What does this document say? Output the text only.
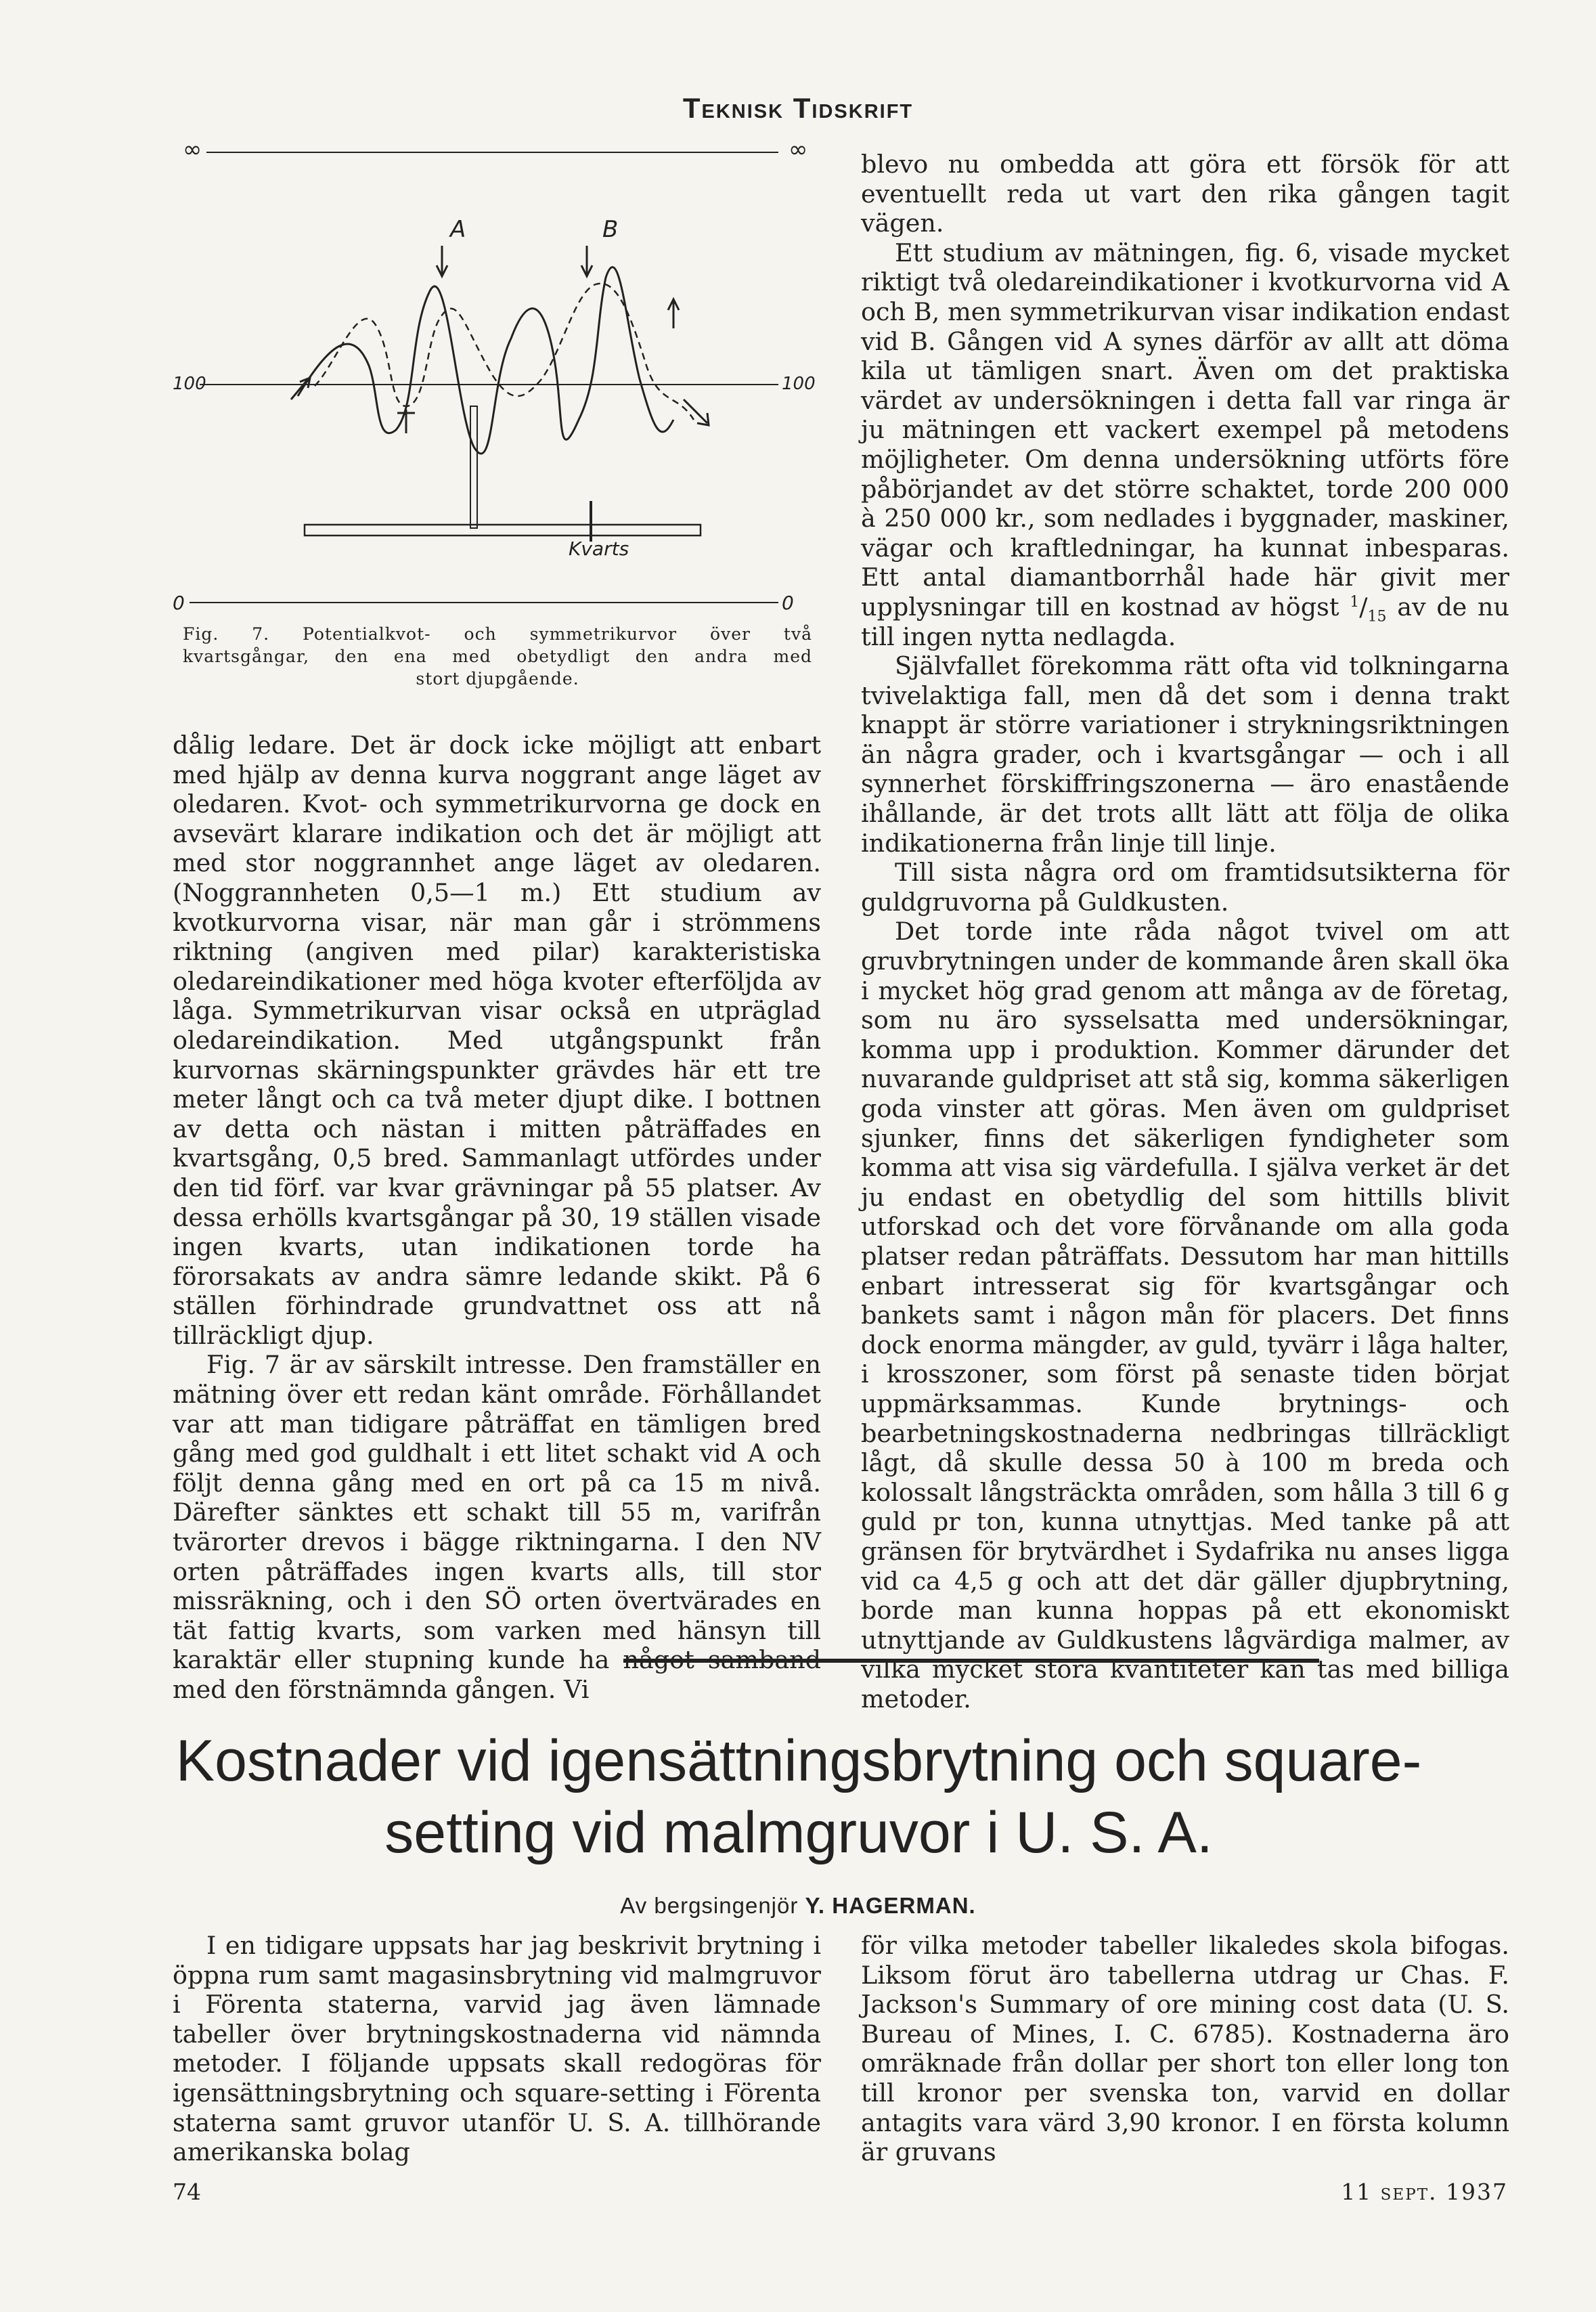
Teknisk Tidskrift
∞	∞
A	B
100	100
Kvarts
0	0
Fig. 7. Potentialkvot- och symmetrikurvor över två
kvartsgångar, den ena med obetydligt den andra med
stort djupgående.

dålig ledare. Det är dock icke möjligt att enbart med hjälp av denna kurva noggrant ange läget av oledaren. Kvot- och symmetrikurvorna ge dock en avsevärt klarare indikation och det är möjligt att med stor noggrannhet ange läget av oledaren. (Noggrannheten 0,5—1 m.) Ett studium av kvotkurvorna visar, när man går i strömmens riktning (angiven med pilar) karakteristiska oledareindikationer med höga kvoter efterföljda av låga. Symmetrikurvan visar också en utpräglad oledareindikation. Med utgångspunkt från kurvornas skärningspunkter grävdes här ett tre meter långt och ca två meter djupt dike. I bottnen av detta och nästan i mitten påträffades en kvartsgång, 0,5 bred. Sammanlagt utfördes under den tid förf. var kvar grävningar på 55 platser. Av dessa erhölls kvartsgångar på 30, 19 ställen visade ingen kvarts, utan indikationen torde ha förorsakats av andra sämre ledande skikt. På 6 ställen förhindrade grundvattnet oss att nå tillräckligt djup.

Fig. 7 är av särskilt intresse. Den framställer en mätning över ett redan känt område. Förhållandet var att man tidigare påträffat en tämligen bred gång med god guldhalt i ett litet schakt vid A och följt denna gång med en ort på ca 15 m nivå. Därefter sänktes ett schakt till 55 m, varifrån tvärorter drevos i bägge riktningarna. I den NV orten påträffades ingen kvarts alls, till stor missräkning, och i den SÖ orten övertvärades en tät fattig kvarts, som varken med hänsyn till karaktär eller stupning kunde ha något samband med den förstnämnda gången. Vi

blevo nu ombedda att göra ett försök för att eventuellt reda ut vart den rika gången tagit vägen.

Ett studium av mätningen, fig. 6, visade mycket riktigt två oledareindikationer i kvotkurvorna vid A och B, men symmetrikurvan visar indikation endast vid B. Gången vid A synes därför av allt att döma kila ut tämligen snart. Även om det praktiska värdet av undersökningen i detta fall var ringa är ju mätningen ett vackert exempel på metodens möjligheter. Om denna undersökning utförts före påbörjandet av det större schaktet, torde 200 000 à 250 000 kr., som nedlades i byggnader, maskiner, vägar och kraftledningar, ha kunnat inbesparas. Ett antal diamantborrhål hade här givit mer upplysningar till en kostnad av högst $^1/_{15}$ av de nu till ingen nytta nedlagda.

Självfallet förekomma rätt ofta vid tolkningarna tvivelaktiga fall, men då det som i denna trakt knappt är större variationer i strykningsriktningen än några grader, och i kvartsgångar — och i all synnerhet förskiffringszonerna — äro enastående ihållande, är det trots allt lätt att följa de olika indikationerna från linje till linje.

Till sista några ord om framtidsutsikterna för guldgruvorna på Guldkusten.

Det torde inte råda något tvivel om att gruvbrytningen under de kommande åren skall öka i mycket hög grad genom att många av de företag, som nu äro sysselsatta med undersökningar, komma upp i produktion. Kommer därunder det nuvarande guldpriset att stå sig, komma säkerligen goda vinster att göras. Men även om guldpriset sjunker, finns det säkerligen fyndigheter som komma att visa sig värdefulla. I själva verket är det ju endast en obetydlig del som hittills blivit utforskad och det vore förvånande om alla goda platser redan påträffats. Dessutom har man hittills enbart intresserat sig för kvartsgångar och bankets samt i någon mån för placers. Det finns dock enorma mängder, av guld, tyvärr i låga halter, i krosszoner, som först på senaste tiden börjat uppmärksammas. Kunde brytnings- och bearbetningskostnaderna nedbringas tillräckligt lågt, då skulle dessa 50 à 100 m breda och kolossalt långsträckta områden, som hålla 3 till 6 g guld pr ton, kunna utnyttjas. Med tanke på att gränsen för brytvärdhet i Sydafrika nu anses ligga vid ca 4,5 g och att det där gäller djupbrytning, borde man kunna hoppas på ett ekonomiskt utnyttjande av Guldkustens lågvärdiga malmer, av vilka mycket stora kvantiteter kan tas med billiga metoder.

Kostnader vid igensättningsbrytning och square-
setting vid malmgruvor i U. S. A.
Av bergsingenjör Y. HAGERMAN.

I en tidigare uppsats har jag beskrivit brytning i öppna rum samt magasinsbrytning vid malmgruvor i Förenta staterna, varvid jag även lämnade tabeller över brytningskostnaderna vid nämnda metoder. I följande uppsats skall redogöras för igensättningsbrytning och square-setting i Förenta staterna samt gruvor utanför U. S. A. tillhörande amerikanska bolag

för vilka metoder tabeller likaledes skola bifogas. Liksom förut äro tabellerna utdrag ur Chas. F. Jackson's Summary of ore mining cost data (U. S. Bureau of Mines, I. C. 6785). Kostnaderna äro omräknade från dollar per short ton eller long ton till kronor per svenska ton, varvid en dollar antagits vara värd 3,90 kronor. I en första kolumn är gruvans

74	11 sept. 1937
